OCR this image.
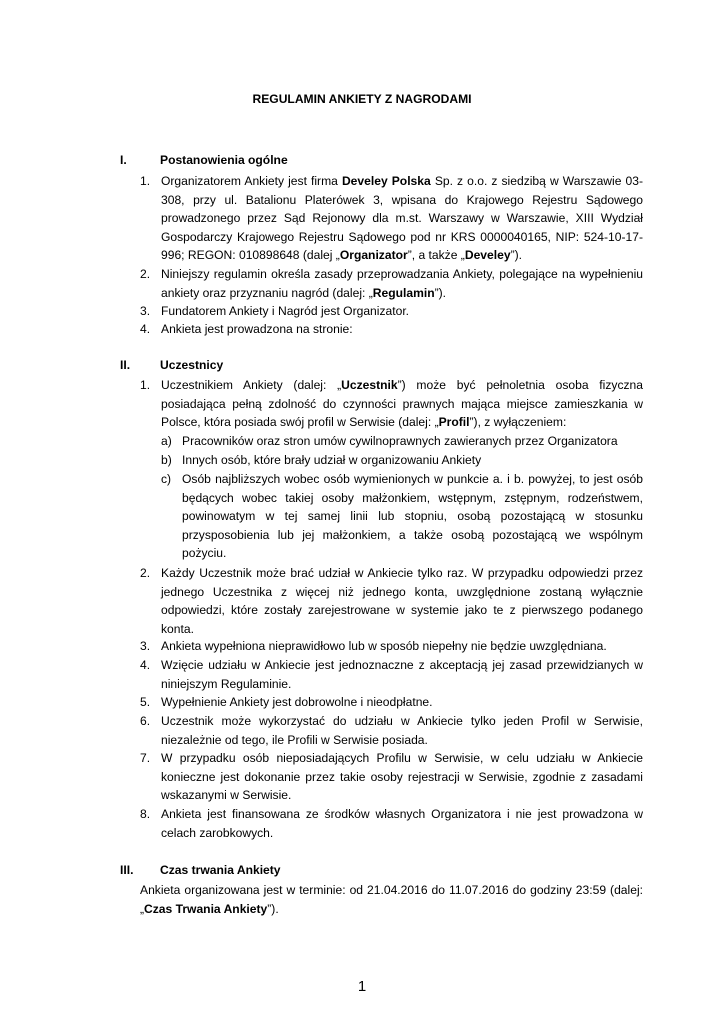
REGULAMIN ANKIETY Z NAGRODAMI
I.	Postanowienia ogólne
1. Organizatorem Ankiety jest firma Develey Polska Sp. z o.o. z siedzibą w Warszawie 03-308, przy ul. Batalionu Platerówek 3, wpisana do Krajowego Rejestru Sądowego prowadzonego przez Sąd Rejonowy dla m.st. Warszawy w Warszawie, XIII Wydział Gospodarczy Krajowego Rejestru Sądowego pod nr KRS 0000040165, NIP: 524-10-17-996; REGON: 010898648 (dalej „Organizator”, a także „Develey”).
2. Niniejszy regulamin określa zasady przeprowadzania Ankiety, polegające na wypełnieniu ankiety oraz przyznaniu nagród (dalej: „Regulamin”).
3. Fundatorem Ankiety i Nagród jest Organizator.
4. Ankieta jest prowadzona na stronie:
II. Uczestnicy
1. Uczestnikiem Ankiety (dalej: „Uczestnik”) może być pełnoletnia osoba fizyczna posiadająca pełną zdolność do czynności prawnych mająca miejsce zamieszkania w Polsce, która posiada swój profil w Serwisie (dalej: „Profil”), z wyłączeniem:
a) Pracowników oraz stron umów cywilnoprawnych zawieranych przez Organizatora
b) Innych osób, które brały udział w organizowaniu Ankiety
c) Osób najbliższych wobec osób wymienionych w punkcie a. i b. powyżej, to jest osób będących wobec takiej osoby małżonkiem, wstępnym, zstępnym, rodzeństwem, powinowatym w tej samej linii lub stopniu, osobą pozostającą w stosunku przysposobienia lub jej małżonkiem, a także osobą pozostającą we wspólnym pożyciu.
2. Każdy Uczestnik może brać udział w Ankiecie tylko raz. W przypadku odpowiedzi przez jednego Uczestnika z więcej niż jednego konta, uwzględnione zostaną wyłącznie odpowiedzi, które zostały zarejestrowane w systemie jako te z pierwszego podanego konta.
3. Ankieta wypełniona nieprawidłowo lub w sposób niepełny nie będzie uwzględniana.
4. Wzięcie udziału w Ankiecie jest jednoznaczne z akceptacją jej zasad przewidzianych w niniejszym Regulaminie.
5. Wypełnienie Ankiety jest dobrowolne i nieodpłatne.
6. Uczestnik może wykorzystać do udziału w Ankiecie tylko jeden Profil w Serwisie, niezależnie od tego, ile Profili w Serwisie posiada.
7. W przypadku osób nieposiadających Profilu w Serwisie, w celu udziału w Ankiecie konieczne jest dokonanie przez takie osoby rejestracji w Serwisie, zgodnie z zasadami wskazanymi w Serwisie.
8. Ankieta jest finansowana ze środków własnych Organizatora i nie jest prowadzona w celach zarobkowych.
III. Czas trwania Ankiety
Ankieta organizowana jest w terminie: od 21.04.2016 do 11.07.2016 do godziny 23:59 (dalej: „Czas Trwania Ankiety”).
1
